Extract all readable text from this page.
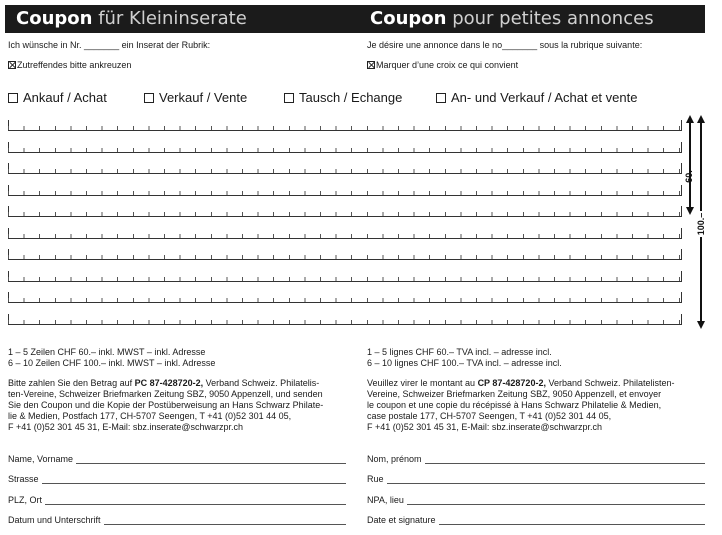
Coupon für Kleininserate	Coupon pour petites annonces
Ich wünsche in Nr. _______ ein Inserat der Rubrik:	Je désire une annonce dans le no_______ sous la rubrique suivante:
Zutreffendes bitte ankreuzen	Marquer d’une croix ce qui convient
Ankauf / Achat	Verkauf / Vente	Tausch / Echange	An- und Verkauf / Achat et vente
60.–
100.–
1 – 5 Zeilen CHF 60.– inkl. MWST – inkl. Adresse
6 – 10 Zeilen CHF 100.– inkl. MWST – inkl. Adresse
1 – 5 lignes CHF 60.– TVA incl. – adresse incl.
6 – 10 lignes CHF 100.– TVA incl. – adresse incl.
Bitte zahlen Sie den Betrag auf PC 87-428720-2, Verband Schweiz. Philatelis-
ten-Vereine, Schweizer Briefmarken Zeitung SBZ, 9050 Appenzell, und senden
Sie den Coupon und die Kopie der Postüberweisung an Hans Schwarz Philate-
lie & Medien, Postfach 177, CH-5707 Seengen, T +41 (0)52 301 44 05,
F +41 (0)52 301 45 31, E-Mail: sbz.inserate@schwarzpr.ch
Veuillez virer le montant au CP 87-428720-2, Verband Schweiz. Philatelisten-
Vereine, Schweizer Briefmarken Zeitung SBZ, 9050 Appenzell, et envoyer
le coupon et une copie du récépissé à Hans Schwarz Philatelie & Medien,
case postale 177, CH-5707 Seengen, T +41 (0)52 301 44 05,
F +41 (0)52 301 45 31, E-Mail: sbz.inserate@schwarzpr.ch
Name, Vorname
Strasse
PLZ, Ort
Datum und Unterschrift
Nom, prénom
Rue
NPA, lieu
Date et signature
